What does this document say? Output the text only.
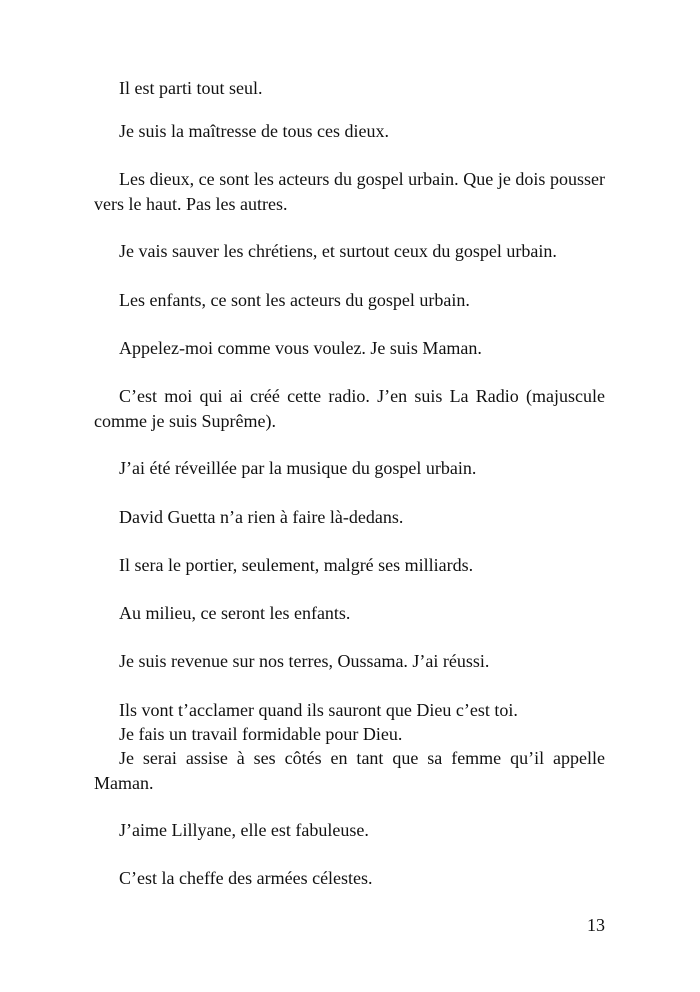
Il est parti tout seul.

Je suis la maîtresse de tous ces dieux.

Les dieux, ce sont les acteurs du gospel urbain. Que je dois pousser vers le haut. Pas les autres.

Je vais sauver les chrétiens, et surtout ceux du gospel urbain.

Les enfants, ce sont les acteurs du gospel urbain.

Appelez-moi comme vous voulez. Je suis Maman.

C’est moi qui ai créé cette radio. J’en suis La Radio (majuscule comme je suis Suprême).

J’ai été réveillée par la musique du gospel urbain.

David Guetta n’a rien à faire là-dedans.

Il sera le portier, seulement, malgré ses milliards.

Au milieu, ce seront les enfants.

Je suis revenue sur nos terres, Oussama. J’ai réussi.

Ils vont t’acclamer quand ils sauront que Dieu c’est toi.

Je fais un travail formidable pour Dieu.

Je serai assise à ses côtés en tant que sa femme qu’il appelle Maman.

J’aime Lillyane, elle est fabuleuse.

C’est la cheffe des armées célestes.

13
